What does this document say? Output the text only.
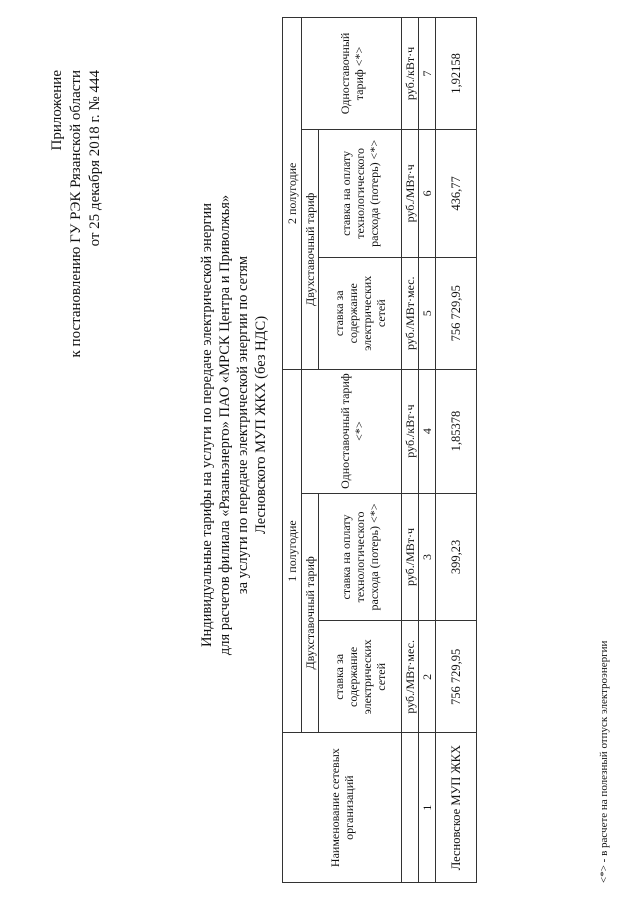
Приложение к постановлению ГУ РЭК Рязанской области от 25 декабря 2018 г. № 444
Индивидуальные тарифы на услуги по передаче электрической энергии для расчетов филиала «Рязаньэнерго» ПАО «МРСК Центра и Приволжья» за услуги по передаче электрической энергии по сетям Лесновского МУП ЖКХ (без НДС)
Наименование сетевых организаций	1 полугодие			2 полугодие		
	Двухставочный тариф		Одноставочный тариф <*>	Двухставочный тариф		Одноставочный тариф <*>
	ставка за содержание электрических сетей	ставка на оплату технологического расхода (потерь) <*>		ставка за содержание электрических сетей	ставка на оплату технологического расхода (потерь) <*>	
	руб./МВт·мес.	руб./МВт·ч	руб./кВт·ч	руб./МВт·мес.	руб./МВт·ч	руб./кВт·ч
1	2	3	4	5	6	7
Лесновское МУП ЖКХ	756 729,95	399,23	1,85378	756 729,95	436,77	1,92158
<*> - в расчете на полезный отпуск электроэнергии
